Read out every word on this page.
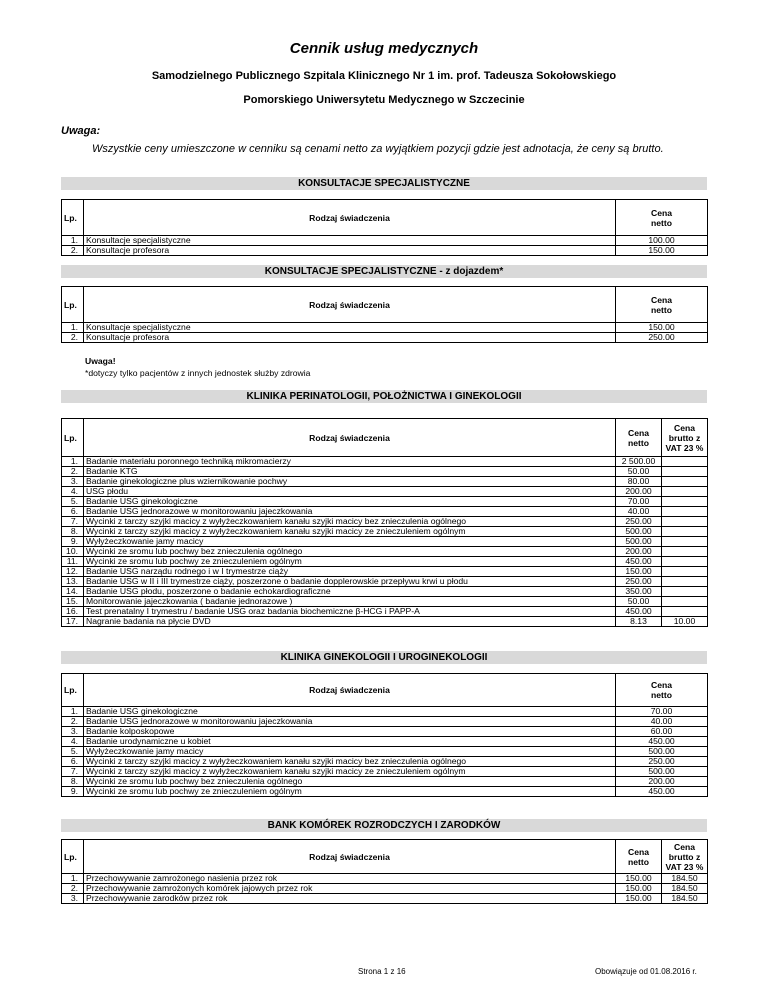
Cennik usług medycznych
Samodzielnego Publicznego Szpitala Klinicznego Nr 1 im. prof. Tadeusza Sokołowskiego
Pomorskiego Uniwersytetu Medycznego w Szczecinie
Uwaga:
Wszystkie ceny umieszczone w cenniku są cenami netto za wyjątkiem pozycji gdzie jest adnotacja, że ceny są brutto.
KONSULTACJE SPECJALISTYCZNE
Lp.	Rodzaj świadczenia	Cena
netto
1.	Konsultacje specjalistyczne	100.00
2.	Konsultacje profesora	150.00
KONSULTACJE SPECJALISTYCZNE - z dojazdem*
Lp.	Rodzaj świadczenia	Cena
netto
1.	Konsultacje specjalistyczne	150.00
2.	Konsultacje profesora	250.00
Uwaga!
*dotyczy tylko pacjentów z innych jednostek służby zdrowia
KLINIKA PERINATOLOGII, POŁOŻNICTWA I GINEKOLOGII
Lp.	Rodzaj świadczenia	Cena
netto	Cena
brutto z
VAT 23 %
1.	Badanie materiału poronnego techniką mikromacierzy	2 500.00	
2.	Badanie KTG	50.00	
3.	Badanie ginekologiczne plus wziernikowanie pochwy	80.00	
4.	USG płodu	200.00	
5.	Badanie USG ginekologiczne	70.00	
6.	Badanie USG jednorazowe w monitorowaniu jajeczkowania	40.00	
7.	Wycinki z tarczy szyjki macicy z wyłyżeczkowaniem kanału szyjki macicy bez znieczulenia ogólnego	250.00	
8.	Wycinki z tarczy szyjki macicy z wyłyżeczkowaniem kanału szyjki macicy ze znieczuleniem ogólnym	500.00	
9.	Wyłyżeczkowanie jamy macicy	500.00	
10.	Wycinki ze sromu lub pochwy bez znieczulenia ogólnego	200.00	
11.	Wycinki ze sromu lub pochwy ze znieczuleniem ogólnym	450.00	
12.	Badanie USG narządu rodnego i w I trymestrze ciąży	150.00	
13.	Badanie USG w II i III trymestrze ciąży, poszerzone o badanie dopplerowskie przepływu krwi u płodu	250.00	
14.	Badanie USG płodu, poszerzone o badanie echokardiograficzne	350.00	
15.	Monitorowanie jajeczkowania ( badanie jednorazowe )	50.00	
16.	Test prenatalny I trymestru / badanie USG oraz badania biochemiczne β-HCG i PAPP-A	450.00	
17.	Nagranie badania na płycie DVD	8.13	10.00
KLINIKA GINEKOLOGII I UROGINEKOLOGII
Lp.	Rodzaj świadczenia	Cena
netto
1.	Badanie USG ginekologiczne	70.00
2.	Badanie USG jednorazowe w monitorowaniu jajeczkowania	40.00
3.	Badanie kolposkopowe	60.00
4.	Badanie urodynamiczne u kobiet	450.00
5.	Wyłyżeczkowanie jamy macicy	500.00
6.	Wycinki z tarczy szyjki macicy z wyłyżeczkowaniem kanału szyjki macicy bez znieczulenia ogólnego	250.00
7.	Wycinki z tarczy szyjki macicy z wyłyżeczkowaniem kanału szyjki macicy ze znieczuleniem ogólnym	500.00
8.	Wycinki ze sromu lub pochwy bez znieczulenia ogólnego	200.00
9.	Wycinki ze sromu lub pochwy ze znieczuleniem ogólnym	450.00
BANK KOMÓREK ROZRODCZYCH I ZARODKÓW
Lp.	Rodzaj świadczenia	Cena
netto	Cena
brutto z
VAT 23 %
1.	Przechowywanie zamrożonego nasienia przez rok	150.00	184.50
2.	Przechowywanie zamrożonych komórek jajowych przez rok	150.00	184.50
3.	Przechowywanie zarodków przez rok	150.00	184.50
Strona 1 z 16	Obowiązuje od 01.08.2016 r.
